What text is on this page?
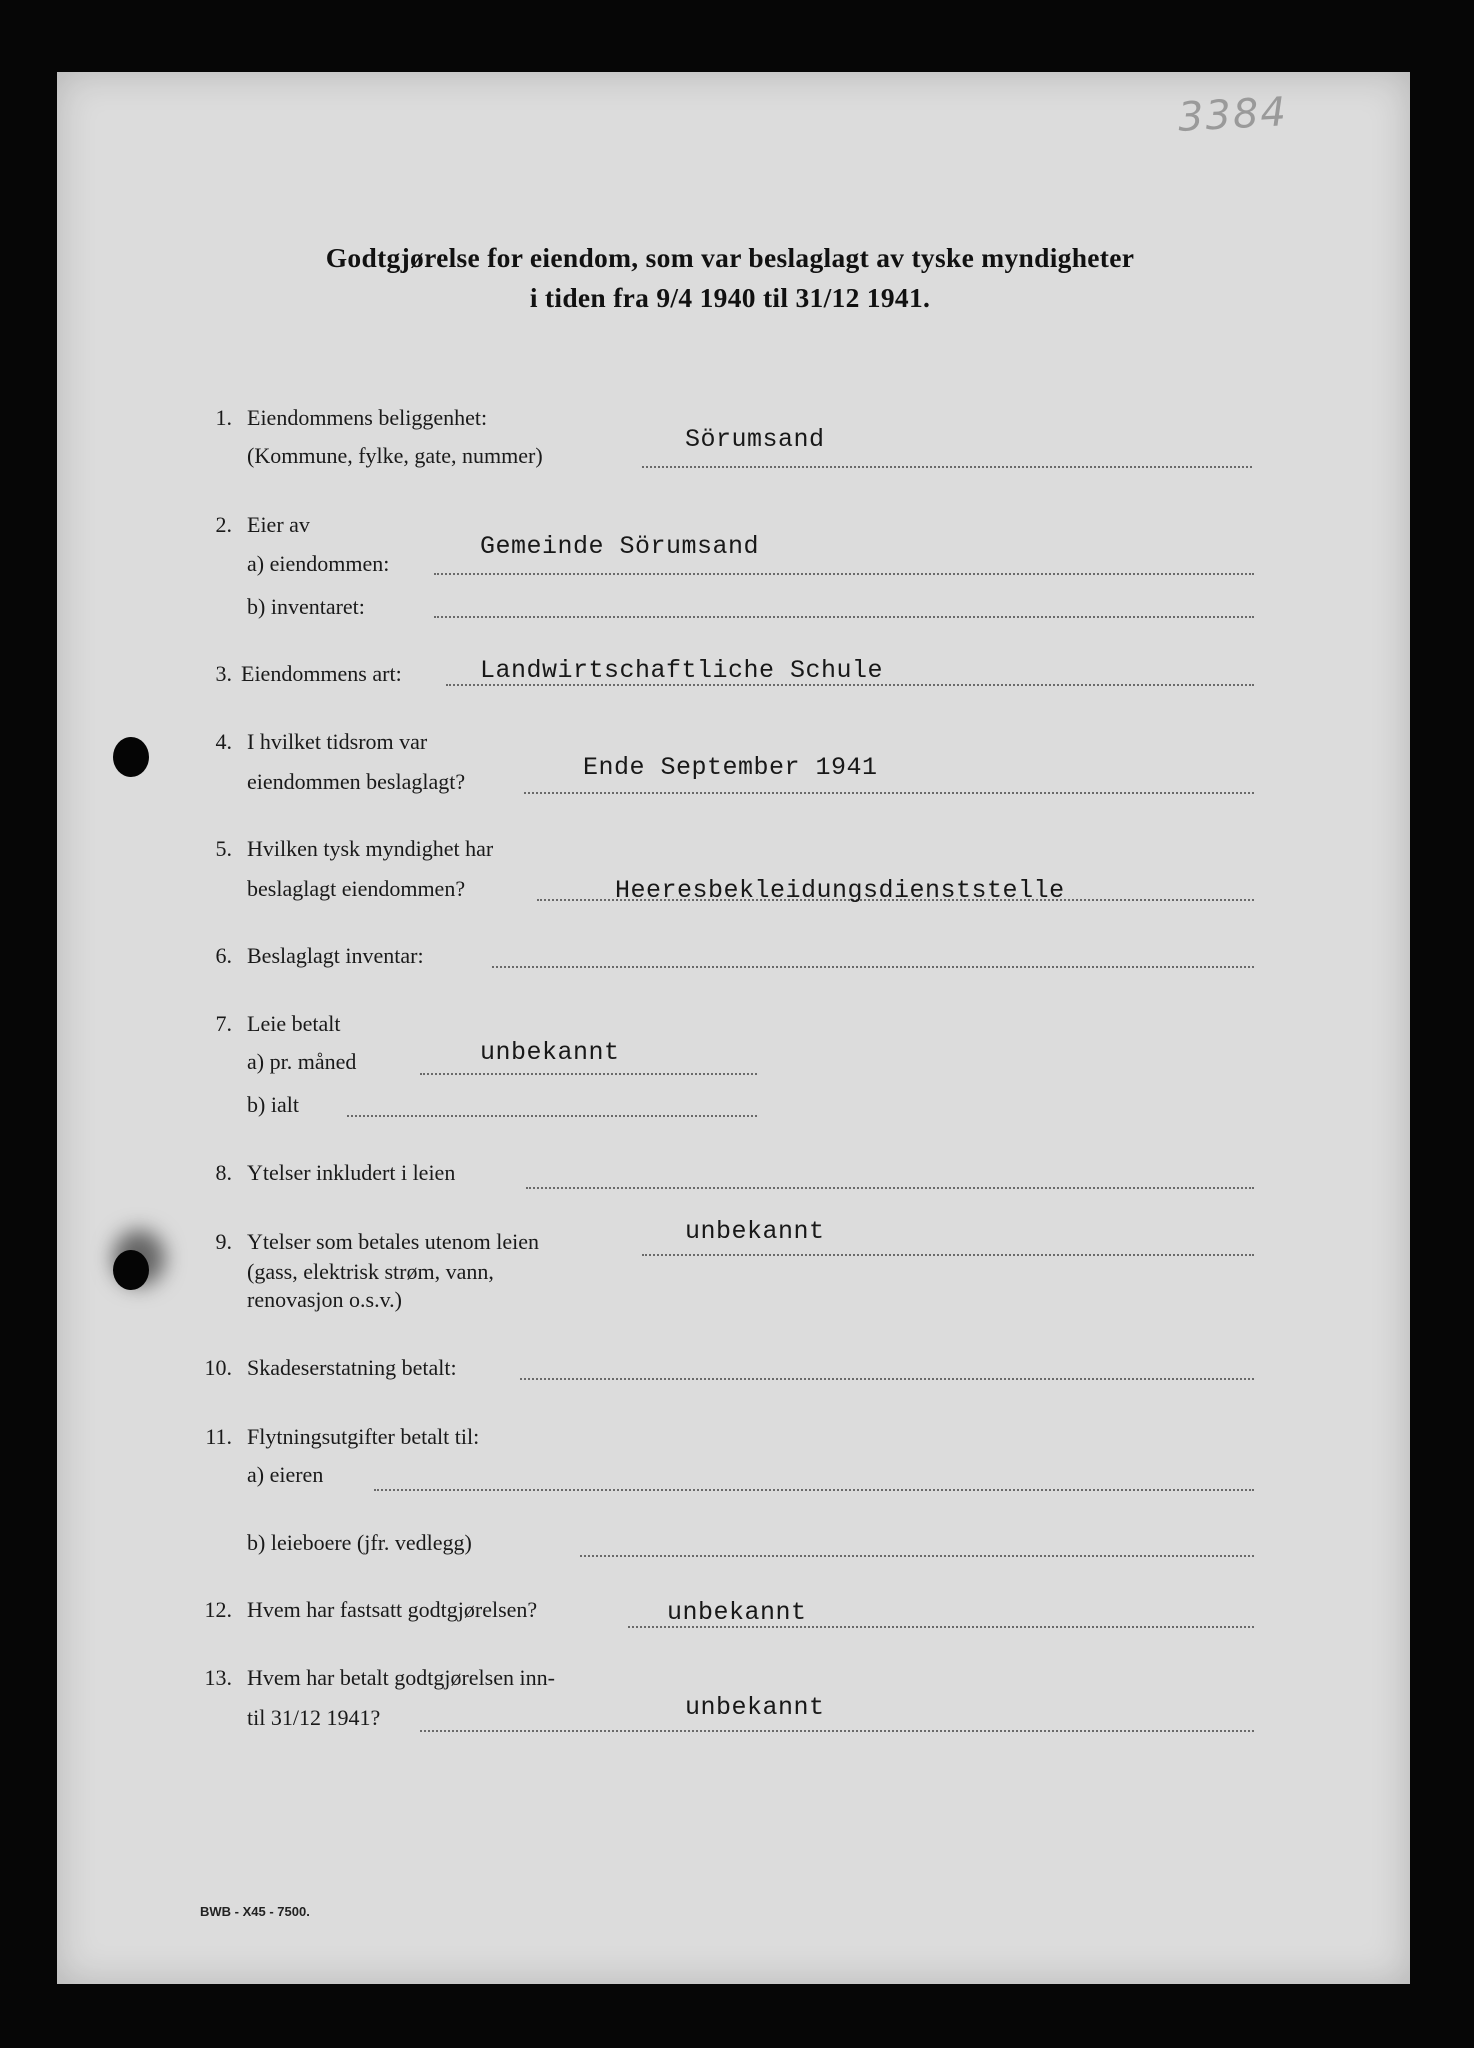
3384
Godtgjørelse for eiendom, som var beslaglagt av tyske myndigheter
i tiden fra 9/4 1940 til 31/12 1941.
1. Eiendommens beliggenhet:
(Kommune, fylke, gate, nummer)
Sörumsand
2. Eier av
a) eiendommen:
Gemeinde Sörumsand
b) inventaret:
3. Eiendommens art:	Landwirtschaftliche Schule
4. I hvilket tidsrom var
eiendommen beslaglagt?	Ende September 1941
5. Hvilken tysk myndighet har
beslaglagt eiendommen?	Heeresbekleidungsdienststelle
6. Beslaglagt inventar:
7. Leie betalt
a) pr. måned	unbekannt
b) ialt
8. Ytelser inkludert i leien
9. Ytelser som betales utenom leien
(gass, elektrisk strøm, vann,
renovasjon o.s.v.)
unbekannt
10. Skadeserstatning betalt:
11. Flytningsutgifter betalt til:
a) eieren
b) leieboere (jfr. vedlegg)
12. Hvem har fastsatt godtgjørelsen?	unbekannt
13. Hvem har betalt godtgjørelsen inn-
til 31/12 1941?	unbekannt
BWB - X45 - 7500.
